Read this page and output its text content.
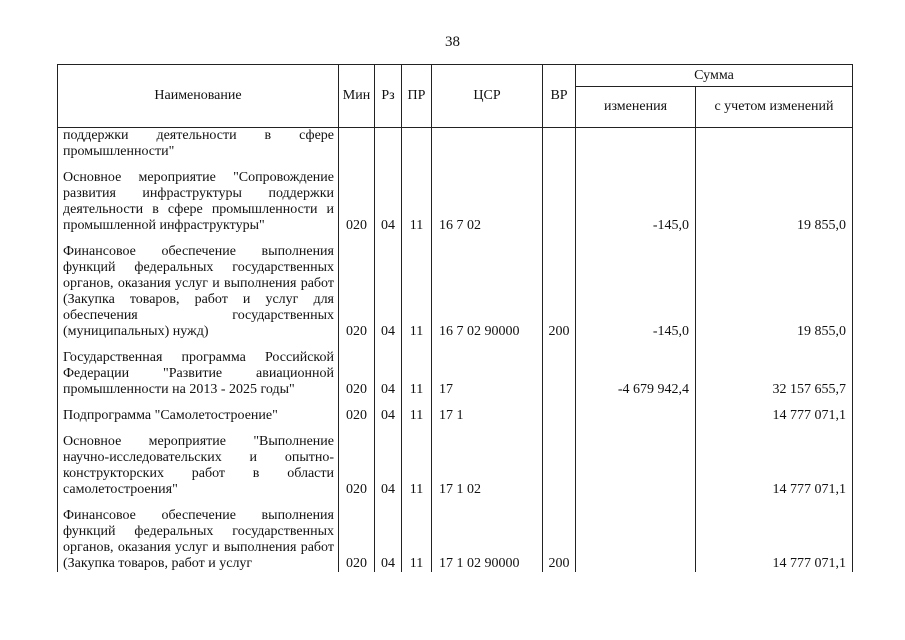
38
Наименование	Мин	Рз	ПР	ЦСР	ВР	Сумма	
						изменения	с учетом изменений
поддержки деятельности в сфере промышленности"							

Основное мероприятие "Сопровождение развития инфраструктуры поддержки деятельности в сфере промышленности и промышленной инфраструктуры"	020	04	11	16 7 02		-145,0	19 855,0

Финансовое обеспечение выполнения функций федеральных государственных органов, оказания услуг и выполнения работ (Закупка товаров, работ и услуг для обеспечения государственных (муниципальных) нужд)	020	04	11	16 7 02 90000	200	-145,0	19 855,0

Государственная программа Российской Федерации "Развитие авиационной промышленности на 2013 - 2025 годы"	020	04	11	17		-4 679 942,4	32 157 655,7

Подпрограмма "Самолетостроение"	020	04	11	17 1			14 777 071,1

Основное мероприятие "Выполнение научно-исследовательских и опытно-конструкторских работ в области самолетостроения"	020	04	11	17 1 02			14 777 071,1

Финансовое обеспечение выполнения функций федеральных государственных органов, оказания услуг и выполнения работ (Закупка товаров, работ и услуг	020	04	11	17 1 02 90000	200		14 777 071,1
